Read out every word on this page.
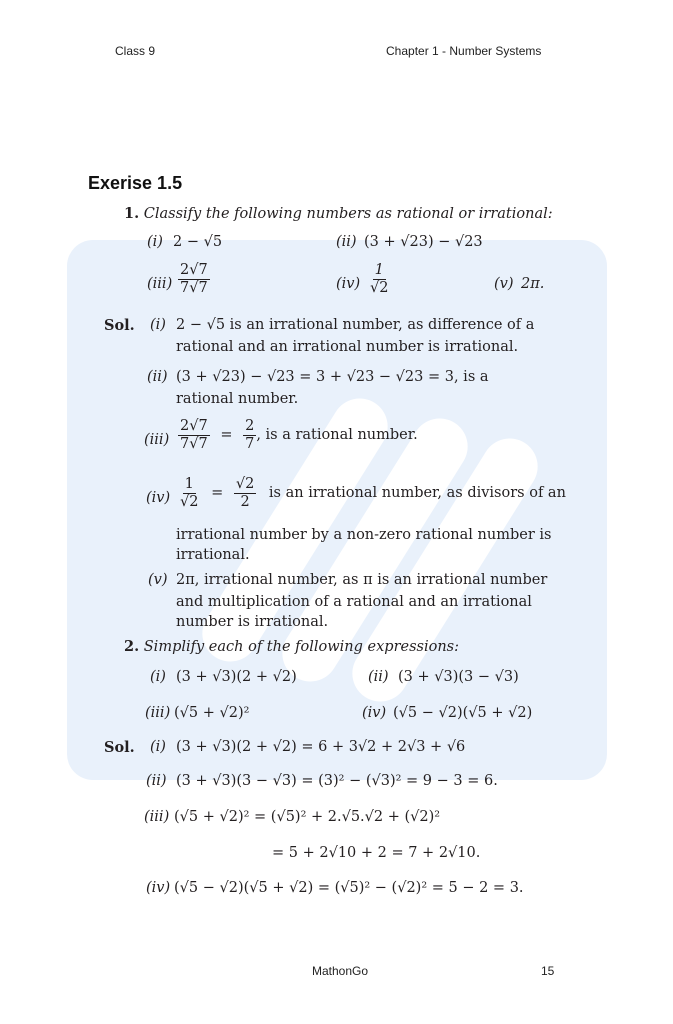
Class 9	Chapter 1 - Number Systems
Exerise 1.5
1. Classify the following numbers as rational or irrational:
(i) 2 − √5	(ii) (3 + √23) − √23
$(iii) \frac{2√7}{7√7}$	$(iv) \frac{1}{√2}$	(v) 2π.
Sol. (i) 2 − √5 is an irrational number, as difference of a
rational and an irrational number is irrational.
(ii) (3 + √23) − √23 = 3 + √23 − √23 = 3, is a
rational number.
$(iii) \frac{2√7}{7√7} = \frac{2}{7}$ , is a rational number.
$(iv) \frac{1}{√2} = \frac{√2}{2}$ is an irrational number, as divisors of an
irrational number by a non-zero rational number is
irrational.
(v) 2π, irrational number, as π is an irrational number
and multiplication of a rational and an irrational
number is irrational.
2. Simplify each of the following expressions:
(i) (3 + √3)(2 + √2)	(ii) (3 + √3)(3 − √3)
(iii) (√5 + √2)²	(iv) (√5 − √2)(√5 + √2)
Sol. (i) (3 + √3)(2 + √2) = 6 + 3√2 + 2√3 + √6
(ii) (3 + √3)(3 − √3) = (3)² − (√3)² = 9 − 3 = 6.
(iii) (√5 + √2)² = (√5)² + 2.√5.√2 + (√2)²
= 5 + 2√10 + 2 = 7 + 2√10.
(iv) (√5 − √2)(√5 + √2) = (√5)² − (√2)² = 5 − 2 = 3.
MathonGo	15
